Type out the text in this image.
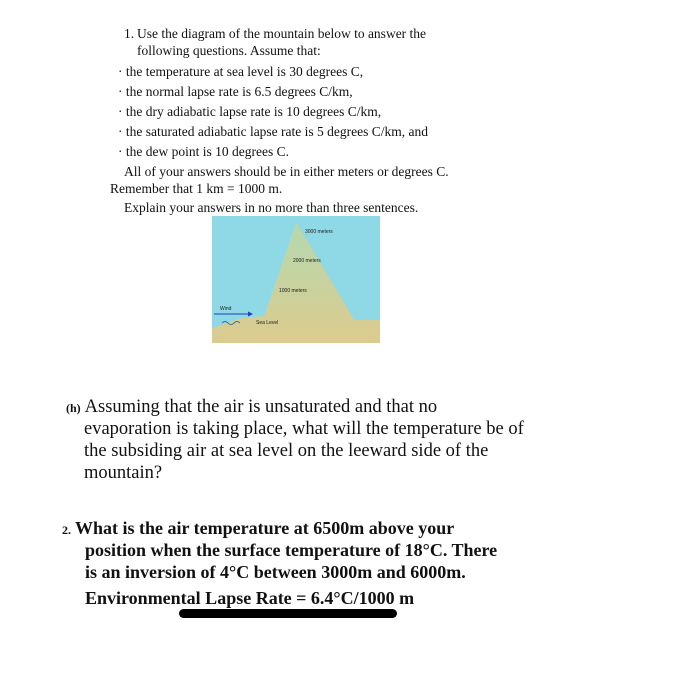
1. Use the diagram of the mountain below to answer the
following questions. Assume that:
· the temperature at sea level is 30 degrees C,
· the normal lapse rate is 6.5 degrees C/km,
· the dry adiabatic lapse rate is 10 degrees C/km,
· the saturated adiabatic lapse rate is 5 degrees C/km, and
· the dew point is 10 degrees C.
All of your answers should be in either meters or degrees C.
Remember that 1 km = 1000 m.
Explain your answers in no more than three sentences.
3000 meters
2000 meters
1000 meters
Wind
Sea Level
(h) Assuming that the air is unsaturated and that no
evaporation is taking place, what will the temperature be of
the subsiding air at sea level on the leeward side of the
mountain?
2. What is the air temperature at 6500m above your
position when the surface temperature of 18°C. There
is an inversion of 4°C between 3000m and 6000m.
Environmental Lapse Rate = 6.4°C/1000 m
